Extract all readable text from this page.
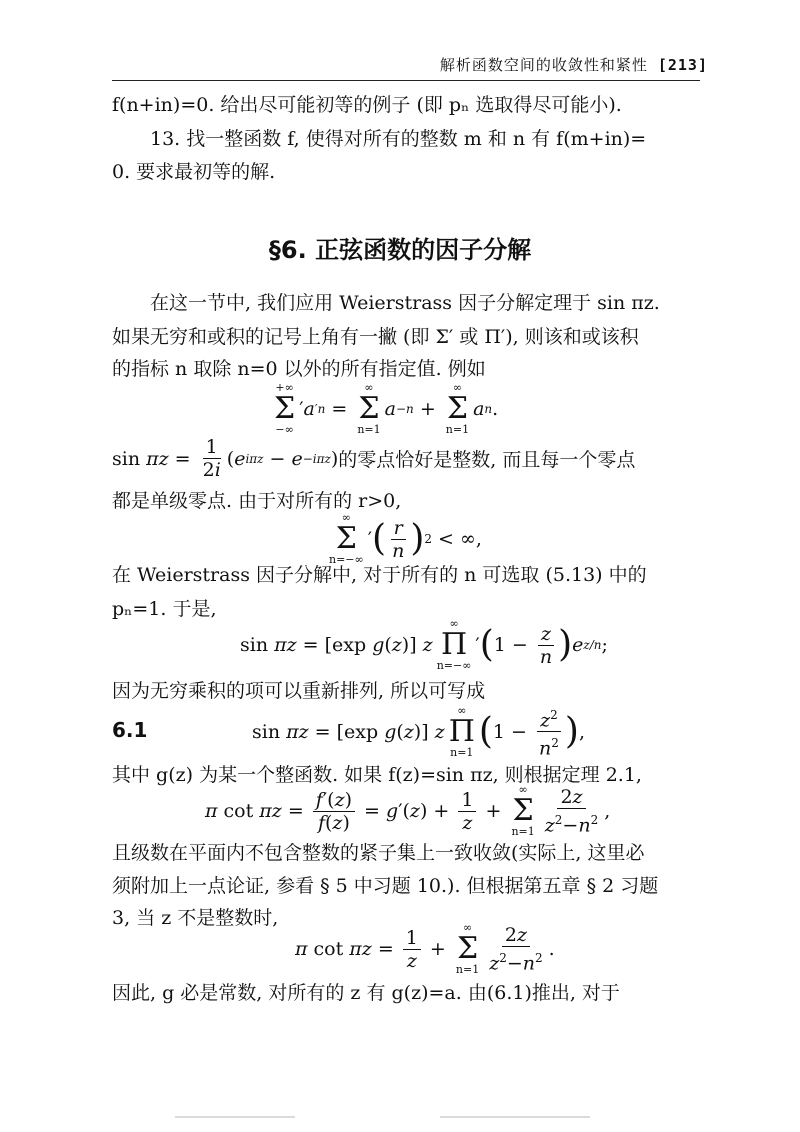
解析函数空间的收敛性和紧性 [213]
f(n+in)=0. 给出尽可能初等的例子 (即 pₙ 选取得尽可能小).
13. 找一整函数 f, 使得对所有的整数 m 和 n 有 f(m+in)=
0. 要求最初等的解.
§6. 正弦函数的因子分解
在这一节中, 我们应用 Weierstrass 因子分解定理于 sin πz.
如果无穷和或积的记号上角有一撇 (即 Σ′ 或 Π′), 则该和或该积
的指标 n 取除 n=0 以外的所有指定值. 例如
+∞
Σ
−∞
′ a ′ n =
∞
Σ
n=1
a −n +
∞
Σ
n=1
a n .
$\sin \pi z = \frac{1}{2i}$ ( e iπz − e −iπz ) 的零点恰好是整数, 而且每一个零点
都是单级零点. 由于对所有的 r>0,
∞
Σ
n=−∞
′ ( $\frac{r}{n}$ ) 2 < ∞,
在 Weierstrass 因子分解中, 对于所有的 n 可选取 (5.13) 中的
pₙ=1. 于是,
sin πz = [exp g ( z )] z
∞
Π
n=−∞
′ ( $1 - \frac{z}{n}$ ) e z/n ;
因为无穷乘积的项可以重新排列, 所以可写成
6.1	sin πz = [exp g ( z )] z
∞
Π
n=1
( $1 - \frac{z^2}{n^2}$ ) ,
其中 g(z) 为某一个整函数. 如果 f(z)=sin πz, 则根据定理 2.1,
π $\cot \pi z = \frac{f'(z)}{f(z)} = g$ ′( z ) + $\frac{1}{z}$ +
∞
Σ
$n=1 \frac{2z}{z^2-n^2}$ ,
且级数在平面内不包含整数的紧子集上一致收敛(实际上, 这里必
须附加上一点论证, 参看 § 5 中习题 10.). 但根据第五章 § 2 习题
3, 当 z 不是整数时,
π $\cot \pi z = \frac{1}{z}$ +
∞
Σ
$n=1 \frac{2z}{z^2-n^2}$ .
因此, g 必是常数, 对所有的 z 有 g(z)=a. 由(6.1)推出, 对于
